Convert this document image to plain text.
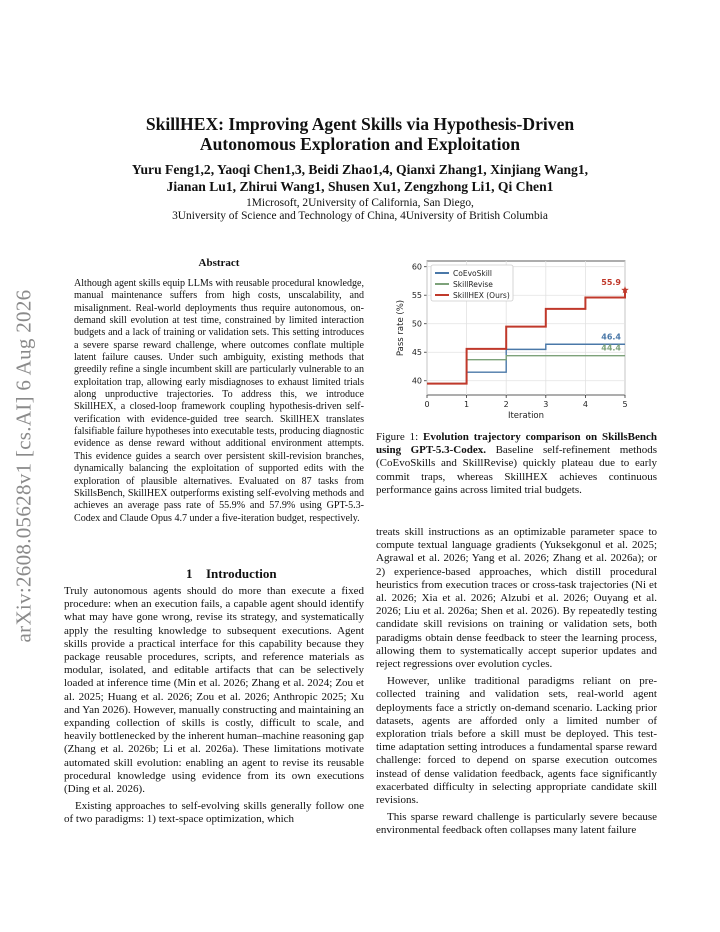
arXiv:2608.05628v1 [cs.AI] 6 Aug 2026
SkillHEX: Improving Agent Skills via Hypothesis-Driven
Autonomous Exploration and Exploitation
Yuru Feng1,2, Yaoqi Chen1,3, Beidi Zhao1,4, Qianxi Zhang1, Xinjiang Wang1,
Jianan Lu1, Zhirui Wang1, Shusen Xu1, Zengzhong Li1, Qi Chen1
1Microsoft, 2University of California, San Diego,
3University of Science and Technology of China, 4University of British Columbia
Abstract

Although agent skills equip LLMs with reusable procedural knowledge, manual maintenance suffers from high costs, unscalability, and misalignment. Real-world deployments thus require autonomous, on-demand skill evolution at test time, constrained by limited interaction budgets and a lack of training or validation sets. This setting introduces a severe sparse reward challenge, where outcomes conflate multiple latent failure causes. Under such ambiguity, existing methods that greedily refine a single incumbent skill are particularly vulnerable to an exploitation trap, allowing early misdiagnoses to exhaust limited trials along unproductive trajectories. To address this, we introduce SkillHEX, a closed-loop framework coupling hypothesis-driven self-verification with evidence-guided tree search. SkillHEX translates falsifiable failure hypotheses into executable tests, producing diagnostic evidence as dense reward without additional environment attempts. This evidence guides a search over persistent skill-revision branches, dynamically balancing the exploitation of supported edits with the exploration of plausible alternatives. Evaluated on 87 tasks from SkillsBench, SkillHEX outperforms existing self-evolving methods and achieves an average pass rate of 55.9% and 57.9% using GPT-5.3-Codex and Claude Opus 4.7 under a five-iteration budget, respectively.

1 Introduction

Truly autonomous agents should do more than execute a fixed procedure: when an execution fails, a capable agent should identify what may have gone wrong, revise its strategy, and systematically apply the resulting knowledge to subsequent executions. Agent skills provide a practical interface for this capability because they package reusable procedures, scripts, and reference materials as modular, isolated, and editable artifacts that can be selectively loaded at inference time (Min et al. 2026; Zhang et al. 2024; Zou et al. 2025; Huang et al. 2026; Zou et al. 2026; Anthropic 2025; Xu and Yan 2026). However, manually constructing and maintaining an expanding collection of skills is costly, difficult to scale, and heavily bottlenecked by the inherent human–machine reasoning gap (Zhang et al. 2026b; Li et al. 2026a). These limitations motivate automated skill evolution: enabling an agent to revise its reusable procedural knowledge using evidence from its own executions (Ding et al. 2026).

Existing approaches to self-evolving skills generally follow one of two paradigms: 1) text-space optimization, which

40
45
50
55
60
0	1	2	3	4	5
Iteration
Pass rate (%)	46.4
44.4
55.9
CoEvoSkill
SkillRevise
SkillHEX (Ours)

Figure 1: Evolution trajectory comparison on SkillsBench using GPT-5.3-Codex. Baseline self-refinement methods (CoEvoSkills and SkillRevise) quickly plateau due to early commit traps, whereas SkillHEX achieves continuous performance gains across limited trial budgets.

treats skill instructions as an optimizable parameter space to compute textual language gradients (Yuksekgonul et al. 2025; Agrawal et al. 2026; Yang et al. 2026; Zhang et al. 2026a); or 2) experience-based approaches, which distill procedural heuristics from execution traces or cross-task trajectories (Ni et al. 2026; Xia et al. 2026; Alzubi et al. 2026; Ouyang et al. 2026; Liu et al. 2026a; Shen et al. 2026). By repeatedly testing candidate skill revisions on training or validation sets, both paradigms obtain dense feedback to steer the learning process, allowing them to systematically accept superior updates and reject regressions over evolution cycles.

However, unlike traditional paradigms reliant on pre-collected training and validation sets, real-world agent deployments face a strictly on-demand scenario. Lacking prior datasets, agents are afforded only a limited number of exploration trials before a skill must be deployed. This test-time adaptation setting introduces a fundamental sparse reward challenge: forced to depend on sparse execution outcomes instead of dense validation feedback, agents face significantly exacerbated difficulty in selecting appropriate candidate skill revisions.

This sparse reward challenge is particularly severe because environmental feedback often collapses many latent failure
